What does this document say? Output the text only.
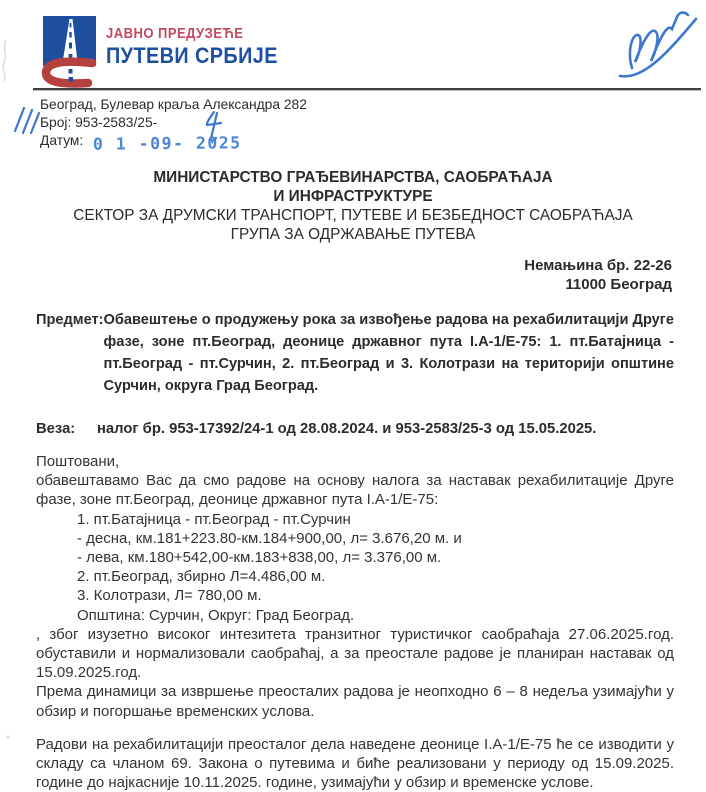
ЈАВНО ПРЕДУЗЕЋЕ
ПУТЕВИ СРБИЈЕ
Београд, Булевар краља Александра 282
Број: 953-2583/25-
Датум: 0 1 -09- 2025
МИНИСТАРСТВО ГРАЂЕВИНАРСТВА, САОБРАЋАЈА
И ИНФРАСТРУКТУРЕ
СЕКТОР ЗА ДРУМСКИ ТРАНСПОРТ, ПУТЕВЕ И БЕЗБЕДНОСТ САОБРАЋАЈА
ГРУПА ЗА ОДРЖАВАЊЕ ПУТЕВА
Немањина бр. 22-26
11000 Београд
Предмет: Обавештење о продужењу рока за извођење радова на рехабилитацији Друге фазе, зоне пт.Београд, деонице државног пута I.А-1/Е-75: 1. пт.Батајница - пт.Београд - пт.Сурчин, 2. пт.Београд и 3. Колотрази на територији општине Сурчин, округа Град Београд.
Веза:	налог бр. 953-17392/24-1 од 28.08.2024. и 953-2583/25-3 од 15.05.2025.
Поштовани,
обавештавамо Вас да смо радове на основу налога за наставак рехабилитације Друге фазе, зоне пт.Београд, деонице државног пута I.А-1/Е-75:
1. пт.Батајница - пт.Београд - пт.Сурчин
- десна, км.181+223.80-км.184+900,00, л= 3.676,20 м. и
- лева, км.180+542,00-км.183+838,00, л= 3.376,00 м.
2. пт.Београд, збирно Л=4.486,00 м.
3. Колотрази, Л= 780,00 м.
Општина: Сурчин, Округ: Град Београд.
, због изузетно високог интезитета транзитног туристичког саобраћаја 27.06.2025.год. обуставили и нормализовали саобраћај, а за преостале радове је планиран наставак од 15.09.2025.год.
Према динамици за извршење преосталих радова је неопходно 6 – 8 недеља узимајући у обзир и погоршање временских услова.
Радови на рехабилитацији преосталог дела наведене деонице I.А-1/Е-75 ће се изводити у складу са чланом 69. Закона о путевима и биће реализовани у периоду од 15.09.2025. године до најкасније 10.11.2025. године, узимајући у обзир и временске услове.
